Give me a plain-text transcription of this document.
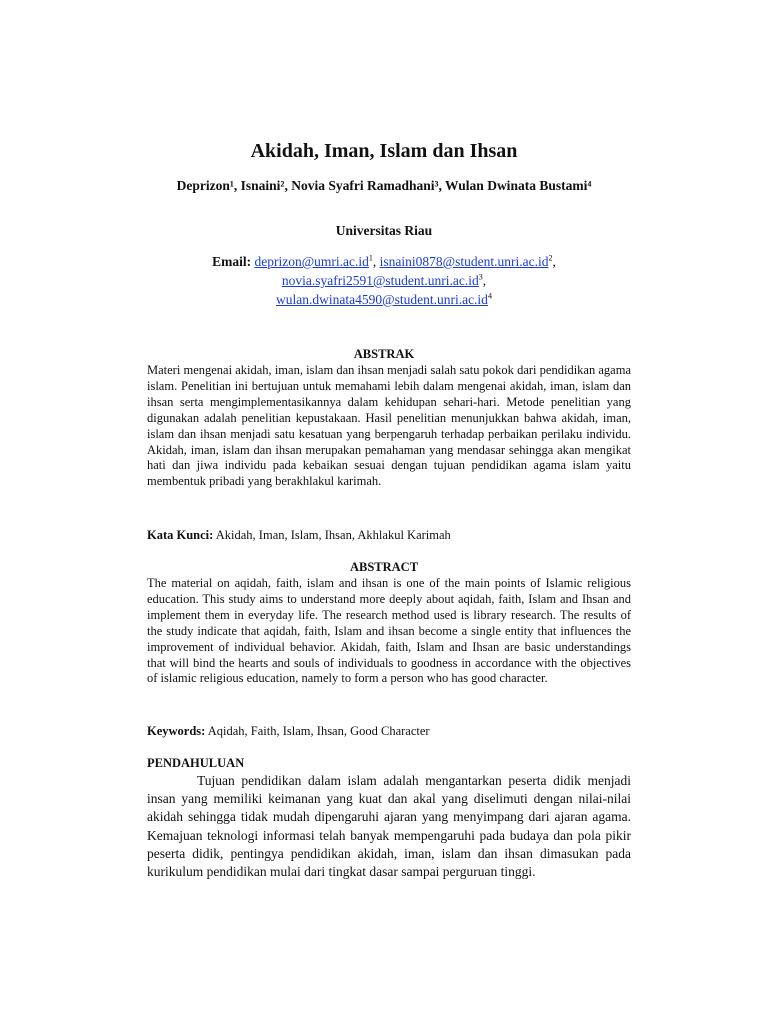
Akidah, Iman, Islam dan Ihsan
Deprizon¹, Isnaini², Novia Syafri Ramadhani³, Wulan Dwinata Bustami⁴
Universitas Riau
Email: $deprizon@umri.ac.id^1$, $isnaini0878@student.unri.ac.id^2$,
$novia.syafri2591@student.unri.ac.id^3$,
$wulan.dwinata4590@student.unri.ac.id^4$
ABSTRAK
Materi mengenai akidah, iman, islam dan ihsan menjadi salah satu pokok dari pendidikan agama islam. Penelitian ini bertujuan untuk memahami lebih dalam mengenai akidah, iman, islam dan ihsan serta mengimplementasikannya dalam kehidupan sehari-hari. Metode penelitian yang digunakan adalah penelitian kepustakaan. Hasil penelitian menunjukkan bahwa akidah, iman, islam dan ihsan menjadi satu kesatuan yang berpengaruh terhadap perbaikan perilaku individu. Akidah, iman, islam dan ihsan merupakan pemahaman yang mendasar sehingga akan mengikat hati dan jiwa individu pada kebaikan sesuai dengan tujuan pendidikan agama islam yaitu membentuk pribadi yang berakhlakul karimah.
Kata Kunci: Akidah, Iman, Islam, Ihsan, Akhlakul Karimah
ABSTRACT
The material on aqidah, faith, islam and ihsan is one of the main points of Islamic religious education. This study aims to understand more deeply about aqidah, faith, Islam and Ihsan and implement them in everyday life. The research method used is library research. The results of the study indicate that aqidah, faith, Islam and ihsan become a single entity that influences the improvement of individual behavior. Akidah, faith, Islam and Ihsan are basic understandings that will bind the hearts and souls of individuals to goodness in accordance with the objectives of islamic religious education, namely to form a person who has good character.
Keywords: Aqidah, Faith, Islam, Ihsan, Good Character
PENDAHULUAN
Tujuan pendidikan dalam islam adalah mengantarkan peserta didik menjadi insan yang memiliki keimanan yang kuat dan akal yang diselimuti dengan nilai-nilai akidah sehingga tidak mudah dipengaruhi ajaran yang menyimpang dari ajaran agama. Kemajuan teknologi informasi telah banyak mempengaruhi pada budaya dan pola pikir peserta didik, pentingya pendidikan akidah, iman, islam dan ihsan dimasukan pada kurikulum pendidikan mulai dari tingkat dasar sampai perguruan tinggi.
